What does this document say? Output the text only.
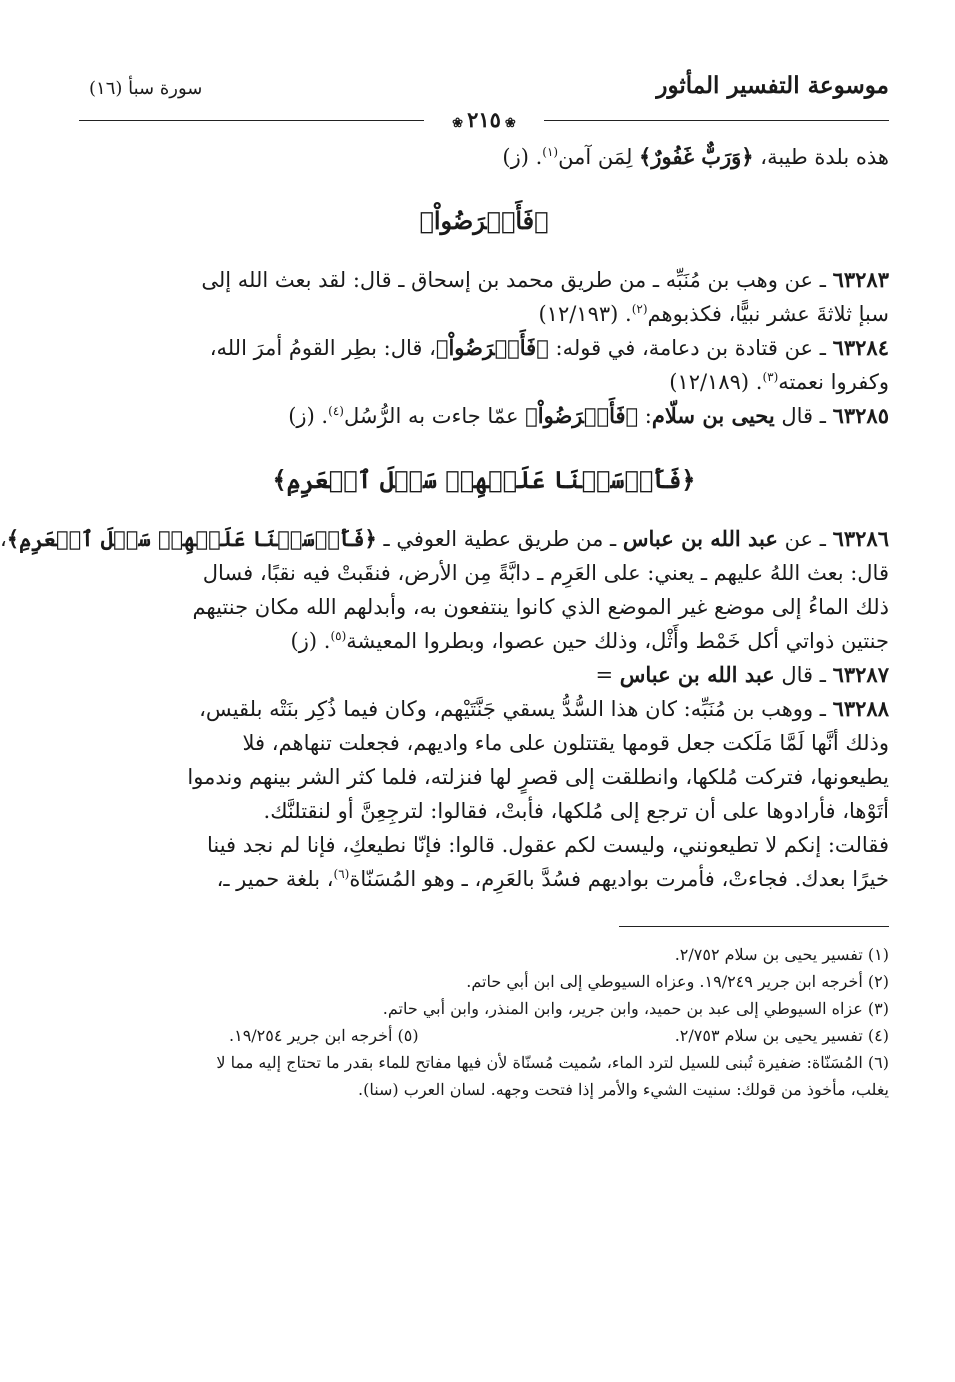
موسوعة التفسير المأثور
سورة سبأ (١٦)
❀٢١٥❀

هذه بلدة طيبة، ﴿وَرَبٌّ غَفُورٌ﴾ لِمَن آمن$^{(١)}$. (ز)

﴿فَأَعۡرَضُواْ﴾

٦٣٢٨٣ ـ عن وهب بن مُنَبِّه ـ من طريق محمد بن إسحاق ـ قال: لقد بعث الله إلى

سبإ ثلاثةَ عشر نبيًّا، فكذبوهم$^{(٢)}$. (١٢/١٩٣)

٦٣٢٨٤ ـ عن قتادة بن دعامة، في قوله: ﴿فَأَعۡرَضُواْ﴾، قال: بطِر القومُ أمرَ الله،

وكفروا نعمته$^{(٣)}$. (١٢/١٨٩)

٦٣٢٨٥ ـ قال يحيى بن سلّام: ﴿فَأَعۡرَضُواْ﴾ عمّا جاءت به الرُّسُل$^{(٤)}$. (ز)

﴿فَأَرۡسَلۡنَا عَلَيۡهِمۡ سَيۡلَ ٱلۡعَرِمِ﴾

٦٣٢٨٦ ـ عن عبد الله بن عباس ـ من طريق عطية العوفي ـ ﴿فَأَرۡسَلۡنَا عَلَيۡهِمۡ سَيۡلَ ٱلۡعَرِمِ﴾،

قال: بعث اللهُ عليهم ـ يعني: على العَرِم ـ دابَّةً مِن الأرض، فنقَبتْ فيه نقبًا، فسال

ذلك الماءُ إلى موضع غير الموضع الذي كانوا ينتفعون به، وأبدلهم الله مكان جنتيهم

جنتين ذواتي أكل خَمْط وأَثْل، وذلك حين عصوا، وبطروا المعيشة$^{(٥)}$. (ز)

٦٣٢٨٧ ـ قال عبد الله بن عباس =

٦٣٢٨٨ ـ ووهب بن مُنَبِّه: كان هذا السُّدُّ يسقي جَنَّتَيْهم، وكان فيما ذُكِر بنَتْه بلقيس،

وذلك أنَّها لَمَّا مَلَكت جعل قومها يقتتلون على ماء واديهم، فجعلت تنهاهم، فلا

يطيعونها، فتركت مُلكها، وانطلقت إلى قصرٍ لها فنزلته، فلما كثر الشر بينهم وندموا

أتَوْها، فأرادوها على أن ترجع إلى مُلكها، فأبتْ، فقالوا: لترجِعِنَّ أو لنقتلنَّك.

فقالت: إنكم لا تطيعونني، وليست لكم عقول. قالوا: فإنّا نطيعكِ، فإنا لم نجد فينا

خيرًا بعدك. فجاءتْ، فأمرت بواديهم فسُدَّ بالعَرِم، ـ وهو المُسَنّاة$^{(٦)}$، بلغة حمير ـ،

(١) تفسير يحيى بن سلام ٢/٧٥٢.

(٢) أخرجه ابن جرير ١٩/٢٤٩. وعزاه السيوطي إلى ابن أبي حاتم.

(٣) عزاه السيوطي إلى عبد بن حميد، وابن جرير، وابن المنذر، وابن أبي حاتم.

(٤) تفسير يحيى بن سلام ٢/٧٥٣.
(٥) أخرجه ابن جرير ١٩/٢٥٤.

(٦) المُسَنّاة: ضفيرة تُبنى للسيل لترد الماء، سُميت مُسنّاة لأن فيها مفاتح للماء بقدر ما تحتاج إليه مما لا

يغلب، مأخوذ من قولك: سنيت الشيء والأمر إذا فتحت وجهه. لسان العرب (سنا).
